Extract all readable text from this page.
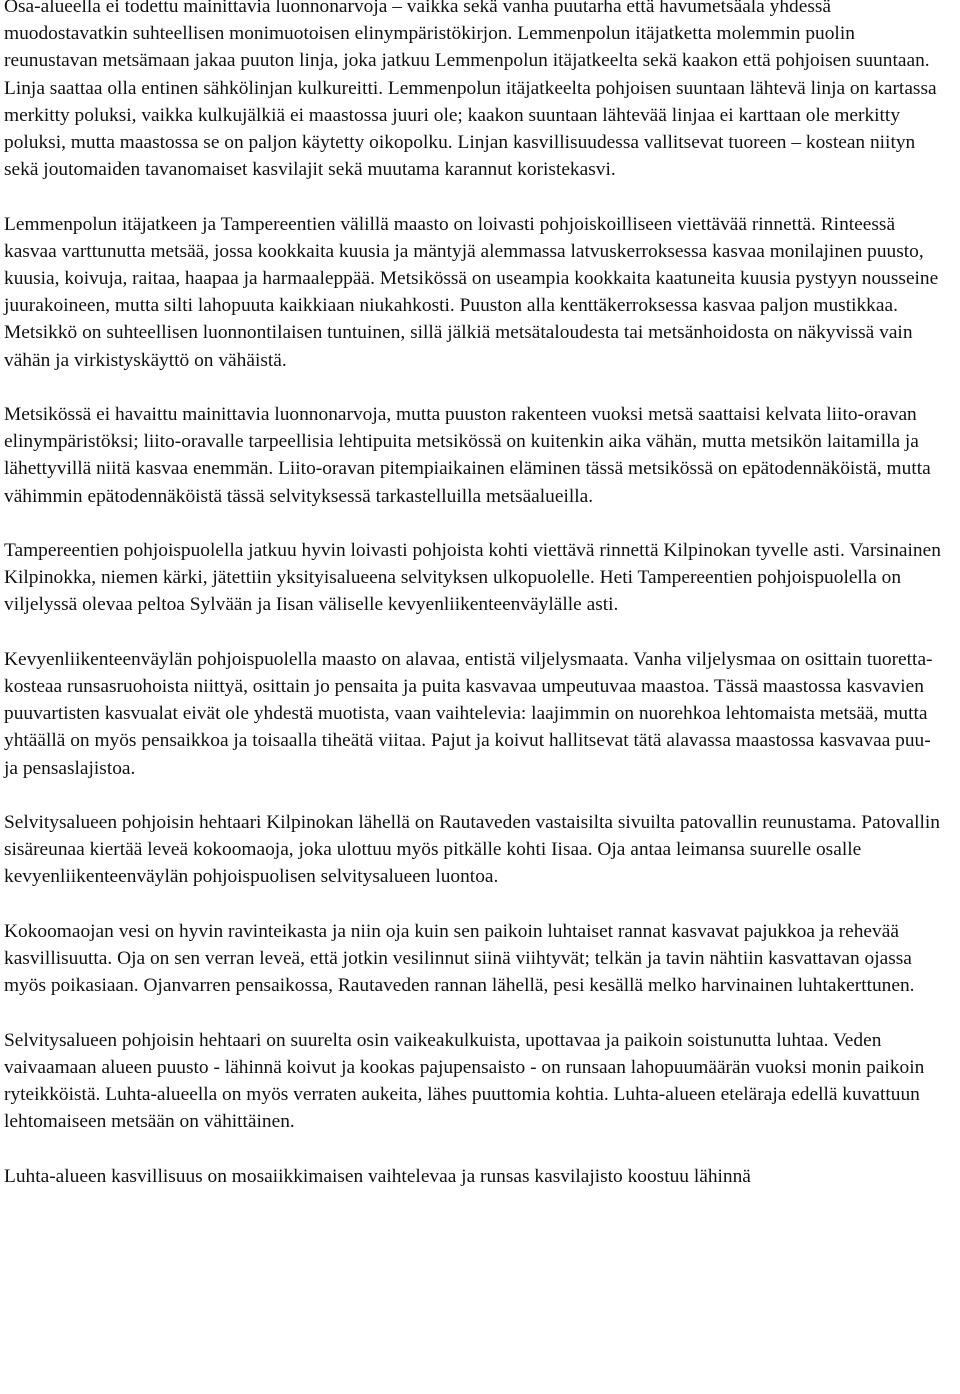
Osa-alueella ei todettu mainittavia luonnonarvoja – vaikka sekä vanha puutarha että havumetsäala yhdessä muodostavatkin suhteellisen monimuotoisen elinympäristökirjon. Lemmenpolun itäjatketta molemmin puolin reunustavan metsämaan jakaa puuton linja, joka jatkuu Lemmenpolun itäjatkeelta sekä kaakon että pohjoisen suuntaan. Linja saattaa olla entinen sähkölinjan kulkureitti. Lemmenpolun itäjatkeelta pohjoisen suuntaan lähtevä linja on kartassa merkitty poluksi, vaikka kulkujälkiä ei maastossa juuri ole; kaakon suuntaan lähtevää linjaa ei karttaan ole merkitty poluksi, mutta maastossa se on paljon käytetty oikopolku. Linjan kasvillisuudessa vallitsevat tuoreen – kostean niityn sekä joutomaiden tavanomaiset kasvilajit sekä muutama karannut koristekasvi.

Lemmenpolun itäjatkeen ja Tampereentien välillä maasto on loivasti pohjoiskoilliseen viettävää rinnettä. Rinteessä kasvaa varttunutta metsää, jossa kookkaita kuusia ja mäntyjä alemmassa latvuskerroksessa kasvaa monilajinen puusto, kuusia, koivuja, raitaa, haapaa ja harmaaleppää. Metsikössä on useampia kookkaita kaatuneita kuusia pystyyn nousseine juurakoineen, mutta silti lahopuuta kaikkiaan niukahkosti. Puuston alla kenttäkerroksessa kasvaa paljon mustikkaa. Metsikkö on suhteellisen luonnontilaisen tuntuinen, sillä jälkiä metsätaloudesta tai metsänhoidosta on näkyvissä vain vähän ja virkistyskäyttö on vähäistä.

Metsikössä ei havaittu mainittavia luonnonarvoja, mutta puuston rakenteen vuoksi metsä saattaisi kelvata liito-oravan elinympäristöksi; liito-oravalle tarpeellisia lehtipuita metsikössä on kuitenkin aika vähän, mutta metsikön laitamilla ja lähettyvillä niitä kasvaa enemmän. Liito-oravan pitempiaikainen eläminen tässä metsikössä on epätodennäköistä, mutta vähimmin epätodennäköistä tässä selvityksessä tarkastelluilla metsäalueilla.

Tampereentien pohjoispuolella jatkuu hyvin loivasti pohjoista kohti viettävä rinnettä Kilpinokan tyvelle asti. Varsinainen Kilpinokka, niemen kärki, jätettiin yksityisalueena selvityksen ulkopuolelle. Heti Tampereentien pohjoispuolella on viljelyssä olevaa peltoa Sylvään ja Iisan väliselle kevyenliikenteenväylälle asti.

Kevyenliikenteenväylän pohjoispuolella maasto on alavaa, entistä viljelysmaata. Vanha viljelysmaa on osittain tuoretta-kosteaa runsasruohoista niittyä, osittain jo pensaita ja puita kasvavaa umpeutuvaa maastoa. Tässä maastossa kasvavien puuvartisten kasvualat eivät ole yhdestä muotista, vaan vaihtelevia: laajimmin on nuorehkoa lehtomaista metsää, mutta yhtäällä on myös pensaikkoa ja toisaalla tiheätä viitaa. Pajut ja koivut hallitsevat tätä alavassa maastossa kasvavaa puu- ja pensaslajistoa.

Selvitysalueen pohjoisin hehtaari Kilpinokan lähellä on Rautaveden vastaisilta sivuilta patovallin reunustama. Patovallin sisäreunaa kiertää leveä kokoomaoja, joka ulottuu myös pitkälle kohti Iisaa. Oja antaa leimansa suurelle osalle kevyenliikenteenväylän pohjoispuolisen selvitysalueen luontoa.

Kokoomaojan vesi on hyvin ravinteikasta ja niin oja kuin sen paikoin luhtaiset rannat kasvavat pajukkoa ja rehevää kasvillisuutta. Oja on sen verran leveä, että jotkin vesilinnut siinä viihtyvät; telkän ja tavin nähtiin kasvattavan ojassa myös poikasiaan. Ojanvarren pensaikossa, Rautaveden rannan lähellä, pesi kesällä melko harvinainen luhtakerttunen.

Selvitysalueen pohjoisin hehtaari on suurelta osin vaikeakulkuista, upottavaa ja paikoin soistunutta luhtaa. Veden vaivaamaan alueen puusto - lähinnä koivut ja kookas pajupensaisto - on runsaan lahopuumäärän vuoksi monin paikoin ryteikköistä. Luhta-alueella on myös verraten aukeita, lähes puuttomia kohtia. Luhta-alueen eteläraja edellä kuvattuun lehtomaiseen metsään on vähittäinen.

Luhta-alueen kasvillisuus on mosaiikkimaisen vaihtelevaa ja runsas kasvilajisto koostuu lähinnä
